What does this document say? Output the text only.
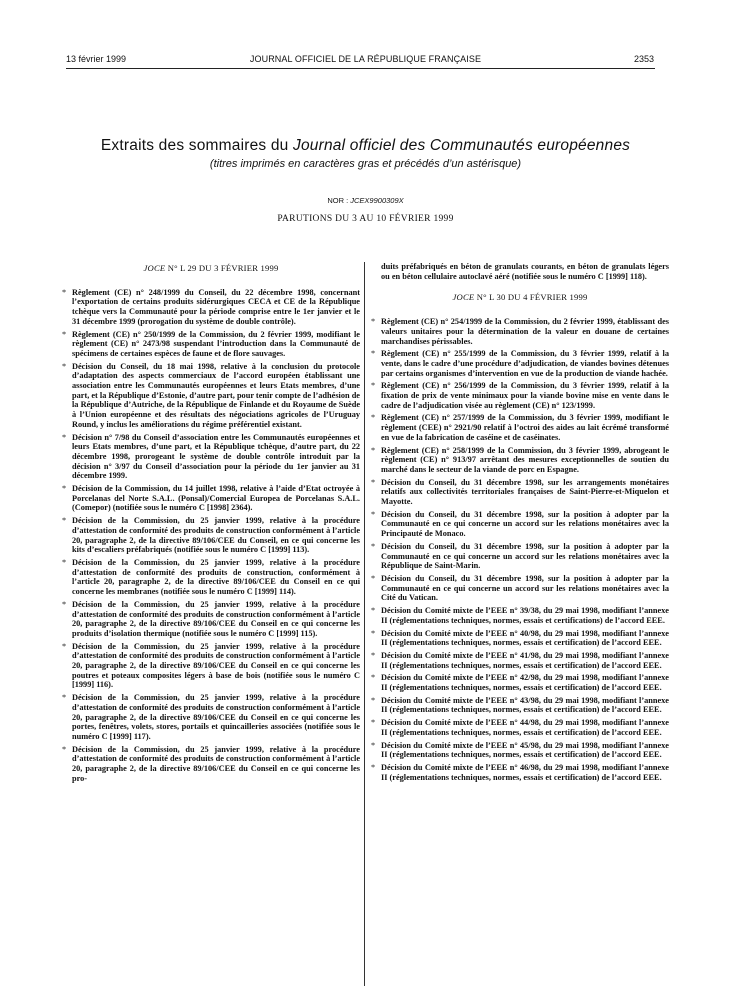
13 février 1999	JOURNAL OFFICIEL DE LA RÉPUBLIQUE FRANÇAISE	2353
Extraits des sommaires du Journal officiel des Communautés européennes
(titres imprimés en caractères gras et précédés d’un astérisque)
NOR : JCEX9900309X
PARUTIONS DU 3 AU 10 FÉVRIER 1999
JOCE N° L 29 DU 3 FÉVRIER 1999
* Règlement (CE) n° 248/1999 du Conseil, du 22 décembre 1998, concernant l’exportation de certains produits sidérurgiques CECA et CE de la République tchèque vers la Communauté pour la période comprise entre le 1er janvier et le 31 décembre 1999 (prorogation du système de double contrôle).
* Règlement (CE) n° 250/1999 de la Commission, du 2 février 1999, modifiant le règlement (CE) n° 2473/98 suspendant l’introduction dans la Communauté de spécimens de certaines espèces de faune et de flore sauvages.
* Décision du Conseil, du 18 mai 1998, relative à la conclusion du protocole d’adaptation des aspects commerciaux de l’accord européen établissant une association entre les Communautés européennes et leurs Etats membres, d’une part, et la République d’Estonie, d’autre part, pour tenir compte de l’adhésion de la République d’Autriche, de la République de Finlande et du Royaume de Suède à l’Union européenne et des résultats des négociations agricoles de l’Uruguay Round, y inclus les améliorations du régime préférentiel existant.
* Décision n° 7/98 du Conseil d’association entre les Communautés européennes et leurs Etats membres, d’une part, et la République tchèque, d’autre part, du 22 décembre 1998, prorogeant le système de double contrôle introduit par la décision n° 3/97 du Conseil d’association pour la période du 1er janvier au 31 décembre 1999.
* Décision de la Commission, du 14 juillet 1998, relative à l’aide d’Etat octroyée à Porcelanas del Norte S.A.L. (Ponsal)/Comercial Europea de Porcelanas S.A.L. (Comepor) (notifiée sous le numéro C [1998] 2364).
* Décision de la Commission, du 25 janvier 1999, relative à la procédure d’attestation de conformité des produits de construction conformément à l’article 20, paragraphe 2, de la directive 89/106/CEE du Conseil, en ce qui concerne les kits d’escaliers préfabriqués (notifiée sous le numéro C [1999] 113).
* Décision de la Commission, du 25 janvier 1999, relative à la procédure d’attestation de conformité des produits de construction, conformément à l’article 20, paragraphe 2, de la directive 89/106/CEE du Conseil en ce qui concerne les membranes (notifiée sous le numéro C [1999] 114).
* Décision de la Commission, du 25 janvier 1999, relative à la procédure d’attestation de conformité des produits de construction conformément à l’article 20, paragraphe 2, de la directive 89/106/CEE du Conseil en ce qui concerne les produits d’isolation thermique (notifiée sous le numéro C [1999] 115).
* Décision de la Commission, du 25 janvier 1999, relative à la procédure d’attestation de conformité des produits de construction conformément à l’article 20, paragraphe 2, de la directive 89/106/CEE du Conseil en ce qui concerne les poutres et poteaux composites légers à base de bois (notifiée sous le numéro C [1999] 116).
* Décision de la Commission, du 25 janvier 1999, relative à la procédure d’attestation de conformité des produits de construction conformément à l’article 20, paragraphe 2, de la directive 89/106/CEE du Conseil en ce qui concerne les portes, fenêtres, volets, stores, portails et quincailleries associées (notifiée sous le numéro C [1999] 117).
* Décision de la Commission, du 25 janvier 1999, relative à la procédure d’attestation de conformité des produits de construction conformément à l’article 20, paragraphe 2, de la directive 89/106/CEE du Conseil en ce qui concerne les pro-
duits préfabriqués en béton de granulats courants, en béton de granulats légers ou en béton cellulaire autoclavé aéré (notifiée sous le numéro C [1999] 118).
JOCE N° L 30 DU 4 FÉVRIER 1999
* Règlement (CE) n° 254/1999 de la Commission, du 2 février 1999, établissant des valeurs unitaires pour la détermination de la valeur en douane de certaines marchandises périssables.
* Règlement (CE) n° 255/1999 de la Commission, du 3 février 1999, relatif à la vente, dans le cadre d’une procédure d’adjudication, de viandes bovines détenues par certains organismes d’intervention en vue de la production de viande hachée.
* Règlement (CE) n° 256/1999 de la Commission, du 3 février 1999, relatif à la fixation de prix de vente minimaux pour la viande bovine mise en vente dans le cadre de l’adjudication visée au règlement (CE) n° 123/1999.
* Règlement (CE) n° 257/1999 de la Commission, du 3 février 1999, modifiant le règlement (CEE) n° 2921/90 relatif à l’octroi des aides au lait écrémé transformé en vue de la fabrication de caséine et de caséinates.
* Règlement (CE) n° 258/1999 de la Commission, du 3 février 1999, abrogeant le règlement (CE) n° 913/97 arrêtant des mesures exceptionnelles de soutien du marché dans le secteur de la viande de porc en Espagne.
* Décision du Conseil, du 31 décembre 1998, sur les arrangements monétaires relatifs aux collectivités territoriales françaises de Saint-Pierre-et-Miquelon et Mayotte.
* Décision du Conseil, du 31 décembre 1998, sur la position à adopter par la Communauté en ce qui concerne un accord sur les relations monétaires avec la Principauté de Monaco.
* Décision du Conseil, du 31 décembre 1998, sur la position à adopter par la Communauté en ce qui concerne un accord sur les relations monétaires avec la République de Saint-Marin.
* Décision du Conseil, du 31 décembre 1998, sur la position à adopter par la Communauté en ce qui concerne un accord sur les relations monétaires avec la Cité du Vatican.
* Décision du Comité mixte de l’EEE n° 39/38, du 29 mai 1998, modifiant l’annexe II (réglementations techniques, normes, essais et certifications) de l’accord EEE.
* Décision du Comité mixte de l’EEE n° 40/98, du 29 mai 1998, modifiant l’annexe II (réglementations techniques, normes, essais et certification) de l’accord EEE.
* Décision du Comité mixte de l’EEE n° 41/98, du 29 mai 1998, modifiant l’annexe II (réglementations techniques, normes, essais et certification) de l’accord EEE.
* Décision du Comité mixte de l’EEE n° 42/98, du 29 mai 1998, modifiant l’annexe II (réglementations techniques, normes, essais et certification) de l’accord EEE.
* Décision du Comité mixte de l’EEE n° 43/98, du 29 mai 1998, modifiant l’annexe II (réglementations techniques, normes, essais et certification) de l’accord EEE.
* Décision du Comité mixte de l’EEE n° 44/98, du 29 mai 1998, modifiant l’annexe II (réglementations techniques, normes, essais et certification) de l’accord EEE.
* Décision du Comité mixte de l’EEE n° 45/98, du 29 mai 1998, modifiant l’annexe II (réglementations techniques, normes, essais et certification) de l’accord EEE.
* Décision du Comité mixte de l’EEE n° 46/98, du 29 mai 1998, modifiant l’annexe II (réglementations techniques, normes, essais et certification) de l’accord EEE.
